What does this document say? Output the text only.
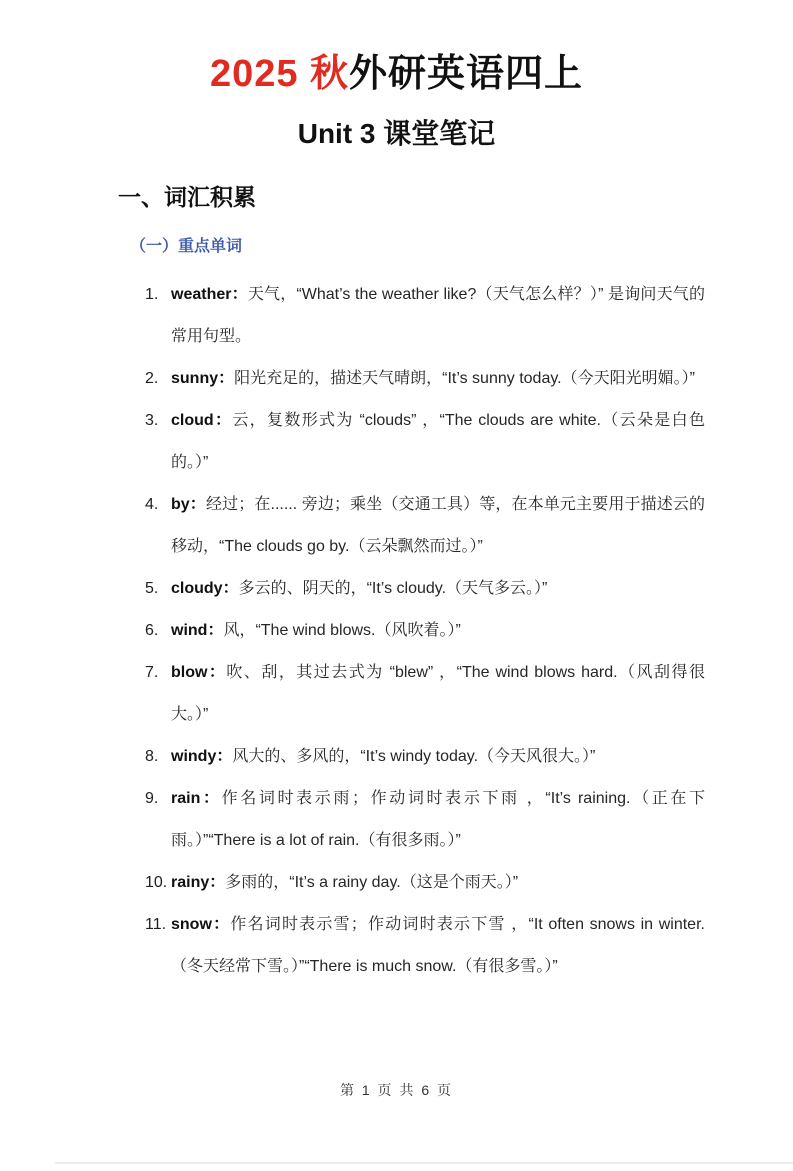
2025 秋外研英语四上
Unit 3 课堂笔记
一、词汇积累
（一）重点单词
1. weather：天气，“What’s the weather like?（天气怎么样？）” 是询问天气的常用句型。

2. sunny：阳光充足的，描述天气晴朗，“It’s sunny today.（今天阳光明媚。）”

3. cloud：云，复数形式为 “clouds” ，“The clouds are white.（云朵是白色的。）”

4. by：经过；在...... 旁边；乘坐（交通工具）等，在本单元主要用于描述云的移动，“The clouds go by.（云朵飘然而过。）”

5. cloudy：多云的、阴天的，“It’s cloudy.（天气多云。）”

6. wind：风，“The wind blows.（风吹着。）”

7. blow：吹、刮，其过去式为 “blew” ，“The wind blows hard.（风刮得很大。）”

8. windy：风大的、多风的，“It’s windy today.（今天风很大。）”

9. rain：作名词时表示雨；作动词时表示下雨 ，“It’s raining.（正在下雨。）”“There is a lot of rain.（有很多雨。）”

10. rainy：多雨的，“It’s a rainy day.（这是个雨天。）”

11. snow：作名词时表示雪；作动词时表示下雪 ，“It often snows in winter.（冬天经常下雪。）”“There is much snow.（有很多雪。）”

第 1 页 共 6 页
